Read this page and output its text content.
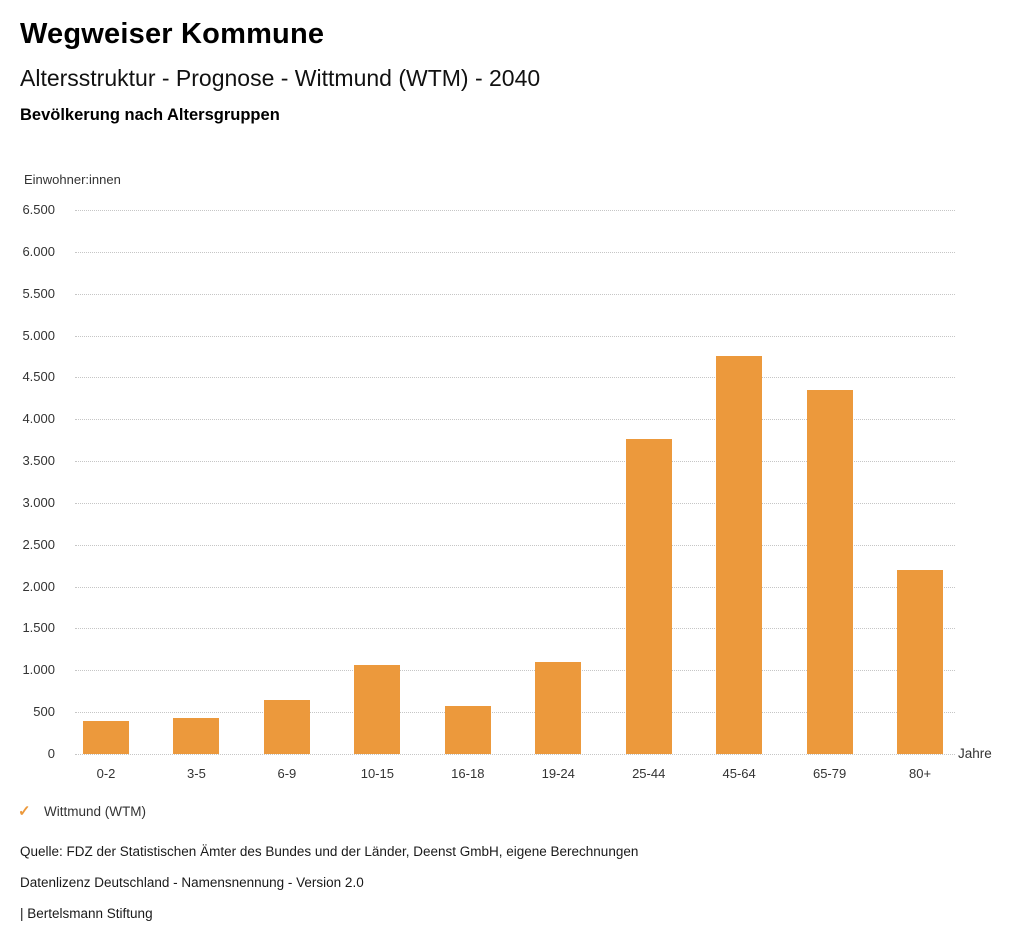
Wegweiser Kommune
Altersstruktur - Prognose - Wittmund (WTM) - 2040
Bevölkerung nach Altersgruppen
Einwohner:innen
0
500
1.000
1.500
2.000
2.500
3.000
3.500
4.000
4.500
5.000
5.500
6.000
6.500
0-2	3-5	6-9	10-15	16-18	19-24	25-44	45-64	65-79	80+
Jahre
✓ Wittmund (WTM)
Quelle: FDZ der Statistischen Ämter des Bundes und der Länder, Deenst GmbH, eigene Berechnungen
Datenlizenz Deutschland - Namensnennung - Version 2.0
| Bertelsmann Stiftung
